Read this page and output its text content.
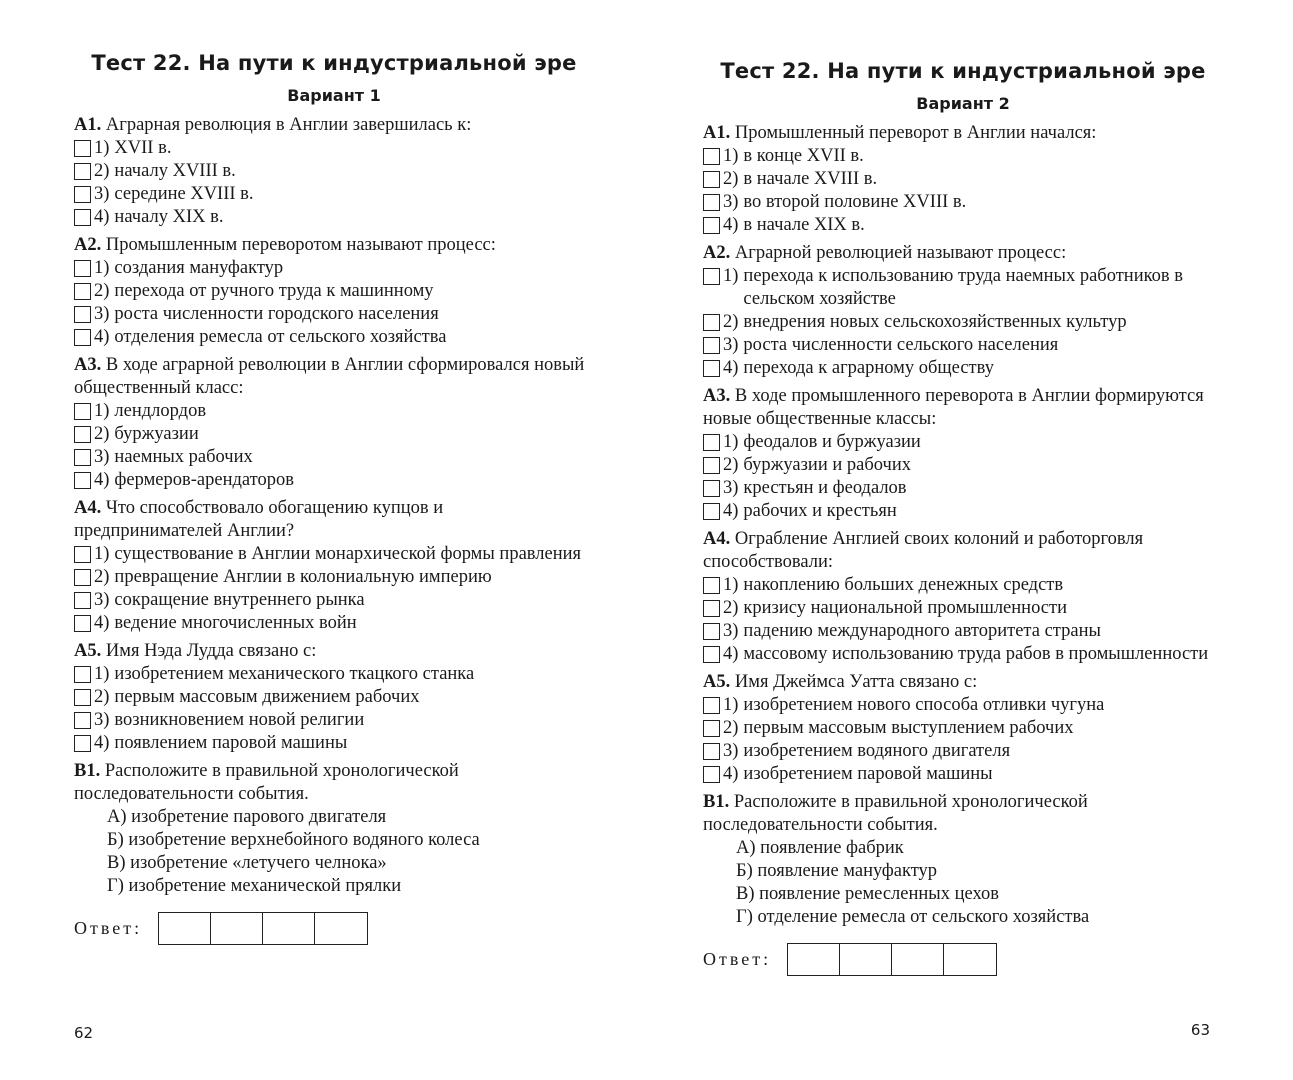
Тест 22. На пути к индустриальной эре
Вариант 1
А1. Аграрная революция в Англии завершилась к:
1) XVII в.
2) началу XVIII в.
3) середине XVIII в.
4) началу XIX в.
А2. Промышленным переворотом называют процесс:
1) создания мануфактур
2) перехода от ручного труда к машинному
3) роста численности городского населения
4) отделения ремесла от сельского хозяйства
А3. В ходе аграрной революции в Англии сформировался новый общественный класс:
1) лендлордов
2) буржуазии
3) наемных рабочих
4) фермеров-арендаторов
А4. Что способствовало обогащению купцов и предпринимателей Англии?
1) существование в Англии монархической формы правления
2) превращение Англии в колониальную империю
3) сокращение внутреннего рынка
4) ведение многочисленных войн
А5. Имя Нэда Лудда связано с:
1) изобретением механического ткацкого станка
2) первым массовым движением рабочих
3) возникновением новой религии
4) появлением паровой машины
В1. Расположите в правильной хронологической последовательности события.
А) изобретение парового двигателя
Б) изобретение верхнебойного водяного колеса
В) изобретение «летучего челнока»
Г) изобретение механической прялки
Ответ:
62
Тест 22. На пути к индустриальной эре
Вариант 2
А1. Промышленный переворот в Англии начался:
1) в конце XVII в.
2) в начале XVIII в.
3) во второй половине XVIII в.
4) в начале XIX в.
А2. Аграрной революцией называют процесс:
1) перехода к использованию труда наемных работников в сельском хозяйстве
2) внедрения новых сельскохозяйственных культур
3) роста численности сельского населения
4) перехода к аграрному обществу
А3. В ходе промышленного переворота в Англии формируются новые общественные классы:
1) феодалов и буржуазии
2) буржуазии и рабочих
3) крестьян и феодалов
4) рабочих и крестьян
А4. Ограбление Англией своих колоний и работорговля способствовали:
1) накоплению больших денежных средств
2) кризису национальной промышленности
3) падению международного авторитета страны
4) массовому использованию труда рабов в промышленности
А5. Имя Джеймса Уатта связано с:
1) изобретением нового способа отливки чугуна
2) первым массовым выступлением рабочих
3) изобретением водяного двигателя
4) изобретением паровой машины
В1. Расположите в правильной хронологической последовательности события.
А) появление фабрик
Б) появление мануфактур
В) появление ремесленных цехов
Г) отделение ремесла от сельского хозяйства
Ответ:
63
